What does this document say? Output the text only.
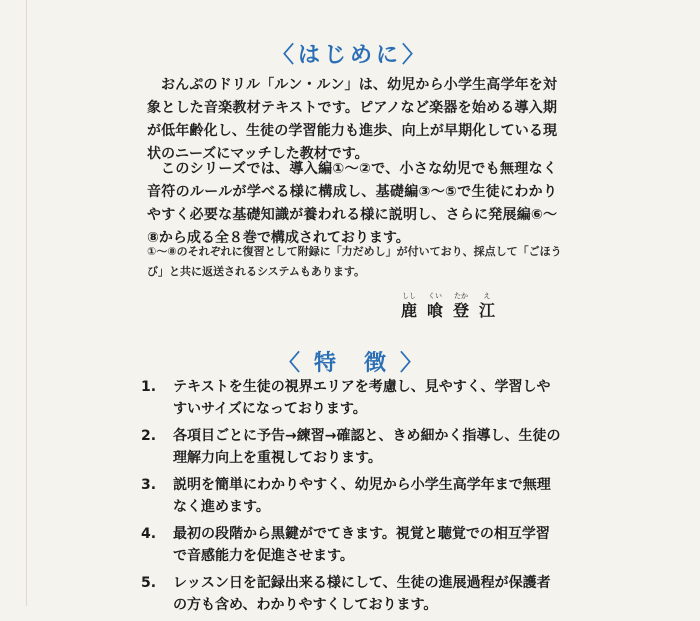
〈はじめに〉

おんぷのドリル「ルン・ルン」は、幼児から小学生高学年を対象とした音楽教材テキストです。ピアノなど楽器を始める導入期が低年齢化し、生徒の学習能力も進歩、向上が早期化している現状のニーズにマッチした教材です。

このシリーズでは、導入編①～②で、小さな幼児でも無理なく音符のルールが学べる様に構成し、基礎編③～⑤で生徒にわかりやすく必要な基礎知識が養われる様に説明し、さらに発展編⑥～⑧から成る全８巻で構成されております。

①～⑧のそれぞれに復習として附録に「力だめし」が付いており、採点して「ごほうび」と共に返送されるシステムもあります。

しし
鹿
くい
喰
たか
登
え
江
〈 特 徴 〉
1.	テキストを生徒の視界エリアを考慮し、見やすく、学習しやすいサイズになっております。
2.	各項目ごとに予告→練習→確認と、きめ細かく指導し、生徒の理解力向上を重視しております。
3.	説明を簡単にわかりやすく、幼児から小学生高学年まで無理なく進めます。
4.	最初の段階から黒鍵がでてきます。視覚と聴覚での相互学習で音感能力を促進させます。
5.	レッスン日を記録出来る様にして、生徒の進展過程が保護者の方も含め、わかりやすくしております。
